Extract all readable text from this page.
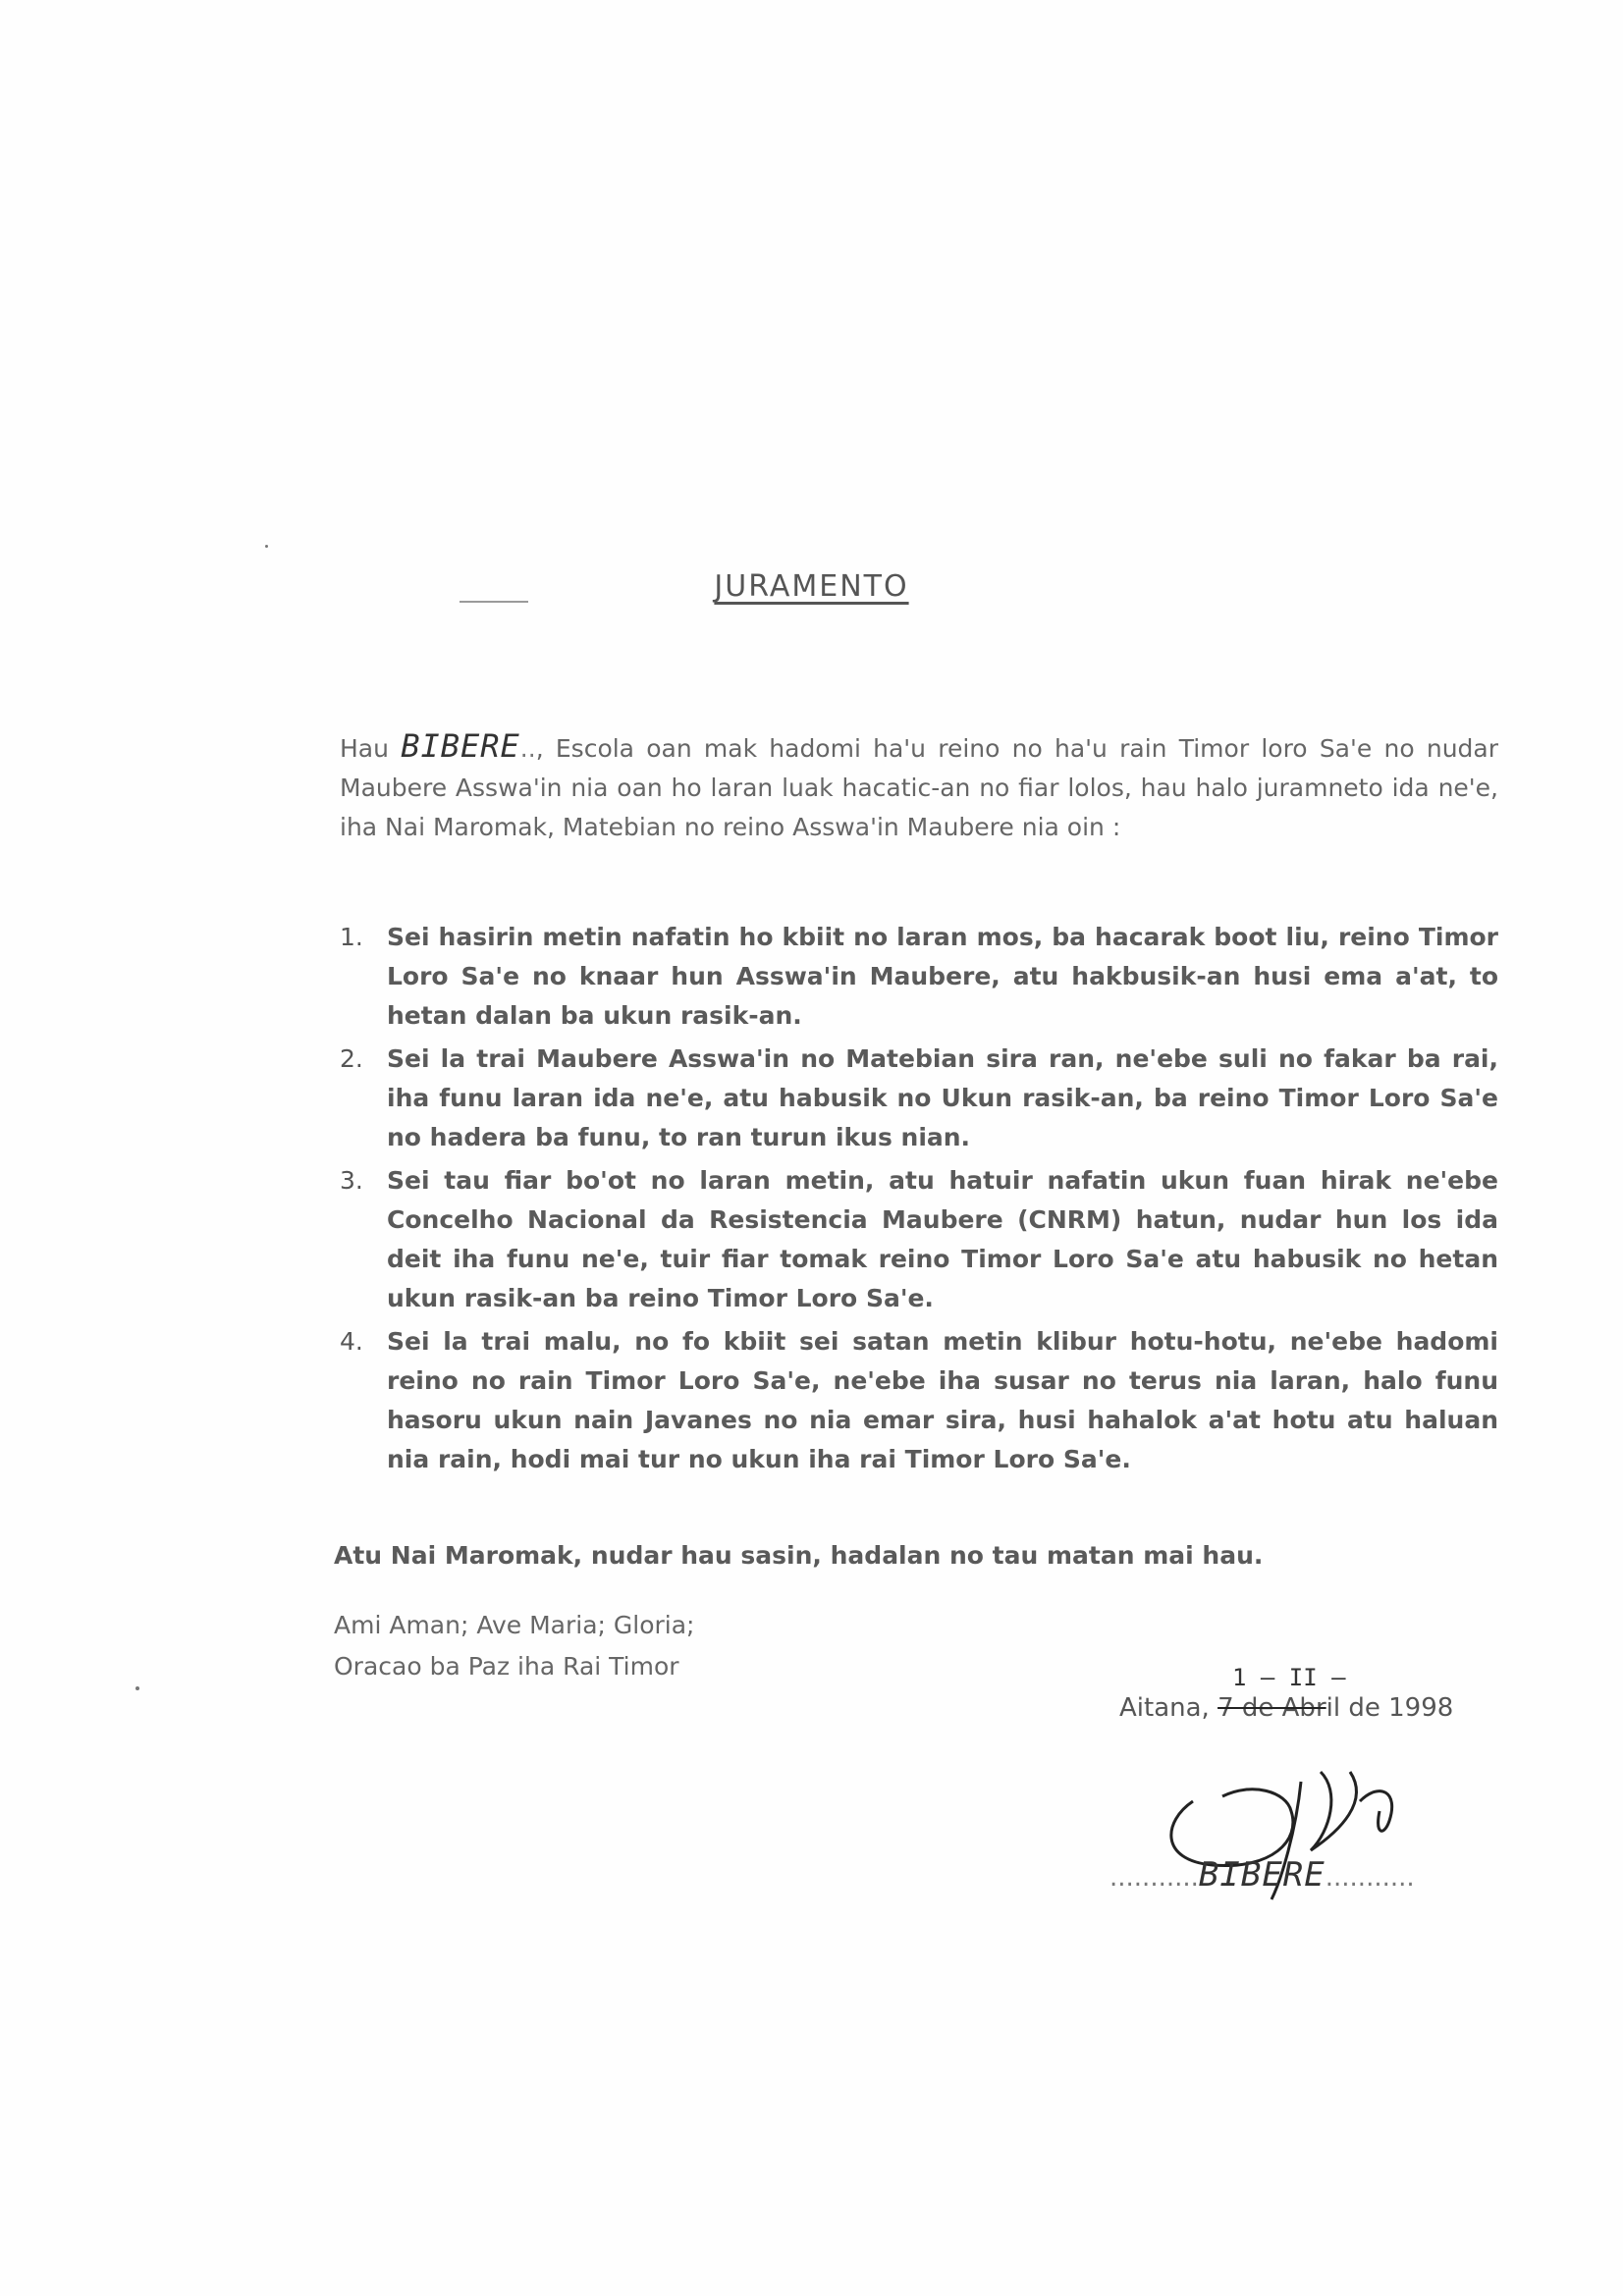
JURAMENTO
Hau BIBERE.., Escola oan mak hadomi ha'u reino no ha'u rain Timor loro Sa'e no nudar Maubere Asswa'in nia oan ho laran luak hacatic-an no fiar lolos, hau halo juramneto ida ne'e, iha Nai Maromak, Matebian no reino Asswa'in Maubere nia oin :
1. Sei hasirin metin nafatin ho kbiit no laran mos, ba hacarak boot liu, reino Timor Loro Sa'e no knaar hun Asswa'in Maubere, atu hakbusik-an husi ema a'at, to hetan dalan ba ukun rasik-an.
2. Sei la trai Maubere Asswa'in no Matebian sira ran, ne'ebe suli no fakar ba rai, iha funu laran ida ne'e, atu habusik no Ukun rasik-an, ba reino Timor Loro Sa'e no hadera ba funu, to ran turun ikus nian.
3. Sei tau fiar bo'ot no laran metin, atu hatuir nafatin ukun fuan hirak ne'ebe Concelho Nacional da Resistencia Maubere (CNRM) hatun, nudar hun los ida deit iha funu ne'e, tuir fiar tomak reino Timor Loro Sa'e atu habusik no hetan ukun rasik-an ba reino Timor Loro Sa'e.
4. Sei la trai malu, no fo kbiit sei satan metin klibur hotu-hotu, ne'ebe hadomi reino no rain Timor Loro Sa'e, ne'ebe iha susar no terus nia laran, halo funu hasoru ukun nain Javanes no nia emar sira, husi hahalok a'at hotu atu haluan nia rain, hodi mai tur no ukun iha rai Timor Loro Sa'e.
Atu Nai Maromak, nudar hau sasin, hadalan no tau matan mai hau.
Ami Aman; Ave Maria; Gloria;
Oracao ba Paz iha Rai Timor	1 – II –
Aitana, 7 de Abril de 1998
...........BIBERE...........
